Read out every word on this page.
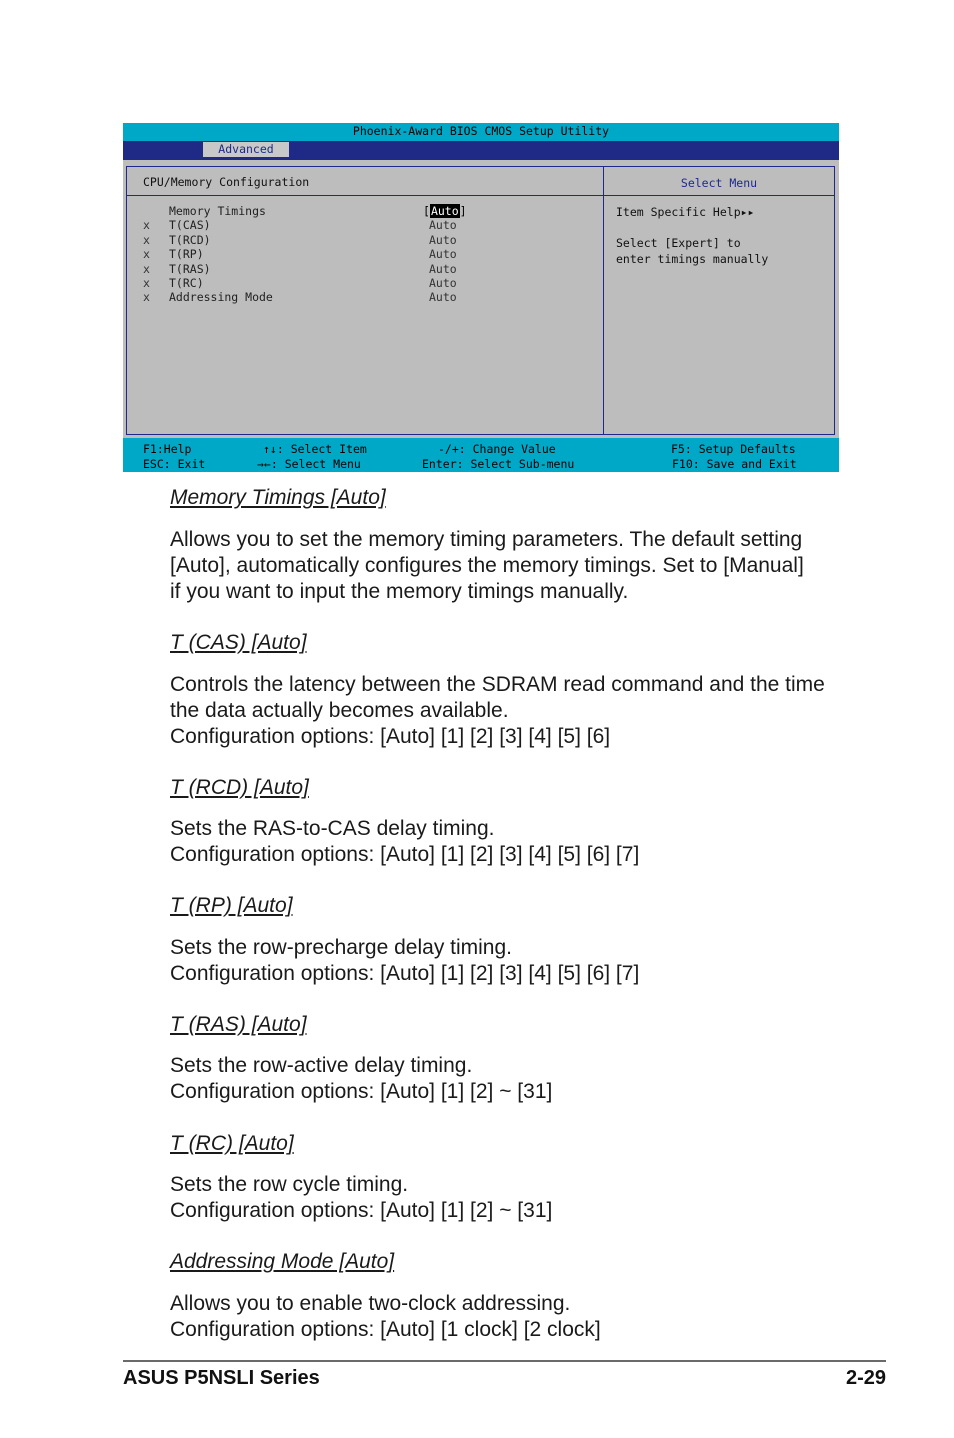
Phoenix-Award BIOS CMOS Setup Utility
Advanced
CPU/Memory Configuration	Select Menu
Memory Timings	[Auto]
x T(CAS)	Auto
x T(RCD)	Auto
x T(RP)	Auto
x T(RAS)	Auto
x T(RC)	Auto
x Addressing Mode	Auto
Item Specific Help▸▸
Select [Expert] to
enter timings manually
F1:Help
ESC: Exit
↑↓: Select Item
→←: Select Menu
-/+: Change Value
Enter: Select Sub-menu
F5: Setup Defaults
F10: Save and Exit
Memory Timings [Auto]
Allows you to set the memory timing parameters. The default setting
[Auto], automatically configures the memory timings. Set to [Manual]
if you want to input the memory timings manually.
T (CAS) [Auto]
Controls the latency between the SDRAM read command and the time
the data actually becomes available.
Configuration options: [Auto] [1] [2] [3] [4] [5] [6]
T (RCD) [Auto]
Sets the RAS-to-CAS delay timing.
Configuration options: [Auto] [1] [2] [3] [4] [5] [6] [7]
T (RP) [Auto]
Sets the row-precharge delay timing.
Configuration options: [Auto] [1] [2] [3] [4] [5] [6] [7]
T (RAS) [Auto]
Sets the row-active delay timing.
Configuration options: [Auto] [1] [2] ~ [31]
T (RC) [Auto]
Sets the row cycle timing.
Configuration options: [Auto] [1] [2] ~ [31]
Addressing Mode [Auto]
Allows you to enable two-clock addressing.
Configuration options: [Auto] [1 clock] [2 clock]
ASUS P5NSLI Series	2-29
